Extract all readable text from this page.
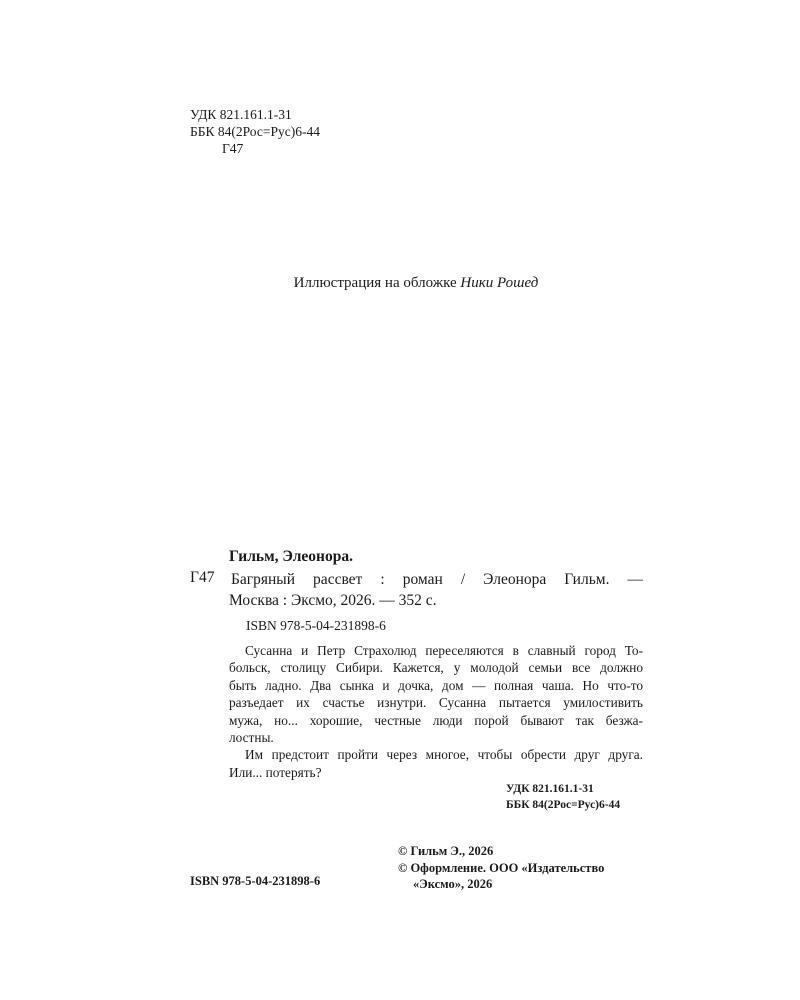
УДК 821.161.1-31
ББК 84(2Рос=Рус)6-44
Г47
Иллюстрация на обложке Ники Рошед
Гильм, Элеонора.
Г47 Багряный рассвет : роман / Элеонора Гильм. —
Москва : Эксмо, 2026. — 352 с.
ISBN 978-5-04-231898-6
Сусанна и Петр Страхолюд переселяются в славный город То-
больск, столицу Сибири. Кажется, у молодой семьи все должно
быть ладно. Два сынка и дочка, дом — полная чаша. Но что-то
разъедает их счастье изнутри. Сусанна пытается умилостивить
мужа, но... хорошие, честные люди порой бывают так безжа-
лостны.
Им предстоит пройти через многое, чтобы обрести друг друга.
Или... потерять?
УДК 821.161.1-31
ББК 84(2Рос=Рус)6-44
ISBN 978-5-04-231898-6
© Гильм Э., 2026
© Оформление. ООО «Издательство
«Эксмо», 2026
